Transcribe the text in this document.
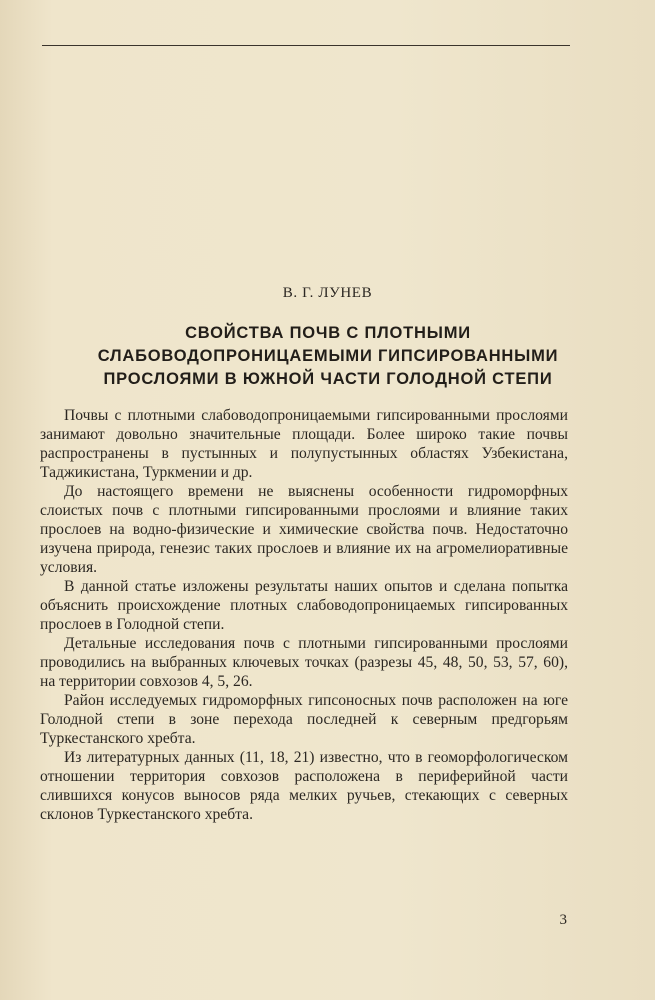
В. Г. ЛУНЕВ
СВОЙСТВА ПОЧВ С ПЛОТНЫМИ
СЛАБОВОДОПРОНИЦАЕМЫМИ ГИПСИРОВАННЫМИ
ПРОСЛОЯМИ В ЮЖНОЙ ЧАСТИ ГОЛОДНОЙ СТЕПИ

Почвы с плотными слабоводопроницаемыми гипсированными прослоями занимают довольно значительные площади. Более широко такие почвы распространены в пустынных и полупустынных областях Узбекистана, Таджикистана, Туркмении и др.

До настоящего времени не выяснены особенности гидроморфных слоистых почв с плотными гипсированными прослоями и влияние таких прослоев на водно-физические и химические свойства почв. Недостаточно изучена природа, генезис таких прослоев и влияние их на агромелиоративные условия.

В данной статье изложены результаты наших опытов и сделана попытка объяснить происхождение плотных слабоводопроницаемых гипсированных прослоев в Голодной степи.

Детальные исследования почв с плотными гипсированными прослоями проводились на выбранных ключевых точках (разрезы 45, 48, 50, 53, 57, 60), на территории совхозов 4, 5, 26.

Район исследуемых гидроморфных гипсоносных почв расположен на юге Голодной степи в зоне перехода последней к северным предгорьям Туркестанского хребта.

Из литературных данных (11, 18, 21) известно, что в геоморфологическом отношении территория совхозов расположена в периферийной части слившихся конусов выносов ряда мелких ручьев, стекающих с северных склонов Туркестанского хребта.

3
